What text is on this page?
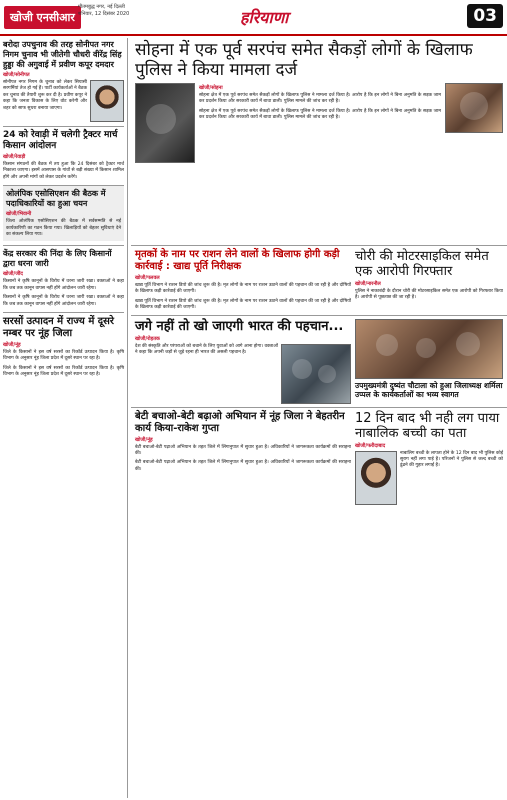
खोजी एनसीआर
गौतमबुद्ध नगर, नई दिल्ली
शनिवार, 12 दिसंबर 2020	हरियाणा	03
बरोदा उपचुनाव की तरह सोनीपत नगर निगम चुनाव भी जीतेगी चौधरी वीरेंद्र सिंह हुड्डा की अगुवाई में प्रवीण कपूर दमदार
खोजी/सोनीपत
सोनीपत नगर निगम के चुनाव को लेकर सियासी सरगर्मियां तेज हो गई हैं। पार्टी कार्यकर्ताओं ने बैठक कर चुनाव की तैयारी शुरू कर दी है। प्रवीण कपूर ने कहा कि जनता विकास के लिए वोट करेगी और शहर को साफ सुथरा बनाया जाएगा।
24 को रेवाड़ी में चलेगी ट्रैक्टर मार्च किसान आंदोलन
खोजी/रेवाड़ी
किसान संगठनों की बैठक में तय हुआ कि 24 दिसंबर को ट्रैक्टर मार्च निकाला जाएगा। इसमें आसपास के गांवों से बड़ी संख्या में किसान शामिल होंगे और अपनी मांगों को लेकर प्रदर्शन करेंगे।
ओलंपिक एसोसिएशन की बैठक में पदाधिकारियों का हुआ चयन
खोजी/भिवानी
जिला ओलंपिक एसोसिएशन की बैठक में सर्वसम्मति से नई कार्यकारिणी का गठन किया गया। खिलाड़ियों को बेहतर सुविधाएं देने का संकल्प लिया गया।
केंद्र सरकार की निंदा के लिए किसानों द्वारा धरना जारी
खोजी/जींद
किसानों ने कृषि कानूनों के विरोध में धरना जारी रखा। वक्ताओं ने कहा कि जब तक कानून वापस नहीं होंगे आंदोलन जारी रहेगा।
किसानों ने कृषि कानूनों के विरोध में धरना जारी रखा। वक्ताओं ने कहा कि जब तक कानून वापस नहीं होंगे आंदोलन जारी रहेगा।
सरसों उत्पादन में राज्य में दूसरे नम्बर पर नूंह जिला
खोजी/नूंह
जिले के किसानों ने इस वर्ष सरसों का रिकॉर्ड उत्पादन किया है। कृषि विभाग के अनुसार नूंह जिला प्रदेश में दूसरे स्थान पर रहा है।
जिले के किसानों ने इस वर्ष सरसों का रिकॉर्ड उत्पादन किया है। कृषि विभाग के अनुसार नूंह जिला प्रदेश में दूसरे स्थान पर रहा है।
सोहना में एक पूर्व सरपंच समेत सैकड़ों लोगों के खिलाफ पुलिस ने किया मामला दर्ज
खोजी/सोहना
सोहना क्षेत्र में एक पूर्व सरपंच समेत सैकड़ों लोगों के खिलाफ पुलिस ने मामला दर्ज किया है। आरोप है कि इन लोगों ने बिना अनुमति के सड़क जाम कर प्रदर्शन किया और सरकारी कार्य में बाधा डाली। पुलिस मामले की जांच कर रही है।
सोहना क्षेत्र में एक पूर्व सरपंच समेत सैकड़ों लोगों के खिलाफ पुलिस ने मामला दर्ज किया है। आरोप है कि इन लोगों ने बिना अनुमति के सड़क जाम कर प्रदर्शन किया और सरकारी कार्य में बाधा डाली। पुलिस मामले की जांच कर रही है।
मृतकों के नाम पर राशन लेने वालों के खिलाफ होगी कड़ी कार्रवाई : खाद्य पूर्ति निरीक्षक
खोजी/पलवल
खाद्य पूर्ति विभाग ने राशन डिपो की जांच शुरू की है। मृत लोगों के नाम पर राशन उठाने वालों की पहचान की जा रही है और दोषियों के खिलाफ कड़ी कार्रवाई की जाएगी।
खाद्य पूर्ति विभाग ने राशन डिपो की जांच शुरू की है। मृत लोगों के नाम पर राशन उठाने वालों की पहचान की जा रही है और दोषियों के खिलाफ कड़ी कार्रवाई की जाएगी।
चोरी की मोटरसाइकिल समेत एक आरोपी गिरफ्तार
खोजी/नारनौल
पुलिस ने नाकाबंदी के दौरान चोरी की मोटरसाइकिल समेत एक आरोपी को गिरफ्तार किया है। आरोपी से पूछताछ की जा रही है।
जगे नहीं तो खो जाएगी भारत की पहचान...
खोजी/रोहतक
देश की संस्कृति और परंपराओं को बचाने के लिए युवाओं को आगे आना होगा। वक्ताओं ने कहा कि अपनी जड़ों से जुड़े रहना ही भारत की असली पहचान है।
उपमुख्यमंत्री दुष्यंत चौटाला को हुआ जिलाध्यक्ष शर्मिला उप्पल के कार्यकर्ताओं का भव्य स्वागत
बेटी बचाओ-बेटी बढ़ाओ अभियान में नूंह जिला ने बेहतरीन कार्य किया-राकेश गुप्ता
खोजी/नूंह
बेटी बचाओ-बेटी पढ़ाओ अभियान के तहत जिले में लिंगानुपात में सुधार हुआ है। अधिकारियों ने जागरूकता कार्यक्रमों की सराहना की।
बेटी बचाओ-बेटी पढ़ाओ अभियान के तहत जिले में लिंगानुपात में सुधार हुआ है। अधिकारियों ने जागरूकता कार्यक्रमों की सराहना की।
12 दिन बाद भी नही लग पाया नाबालिक बच्ची का पता
खोजी/फरीदाबाद
नाबालिग बच्ची के लापता होने के 12 दिन बाद भी पुलिस कोई सुराग नहीं लगा पाई है। परिजनों ने पुलिस से जल्द बच्ची को ढूंढने की गुहार लगाई है।
